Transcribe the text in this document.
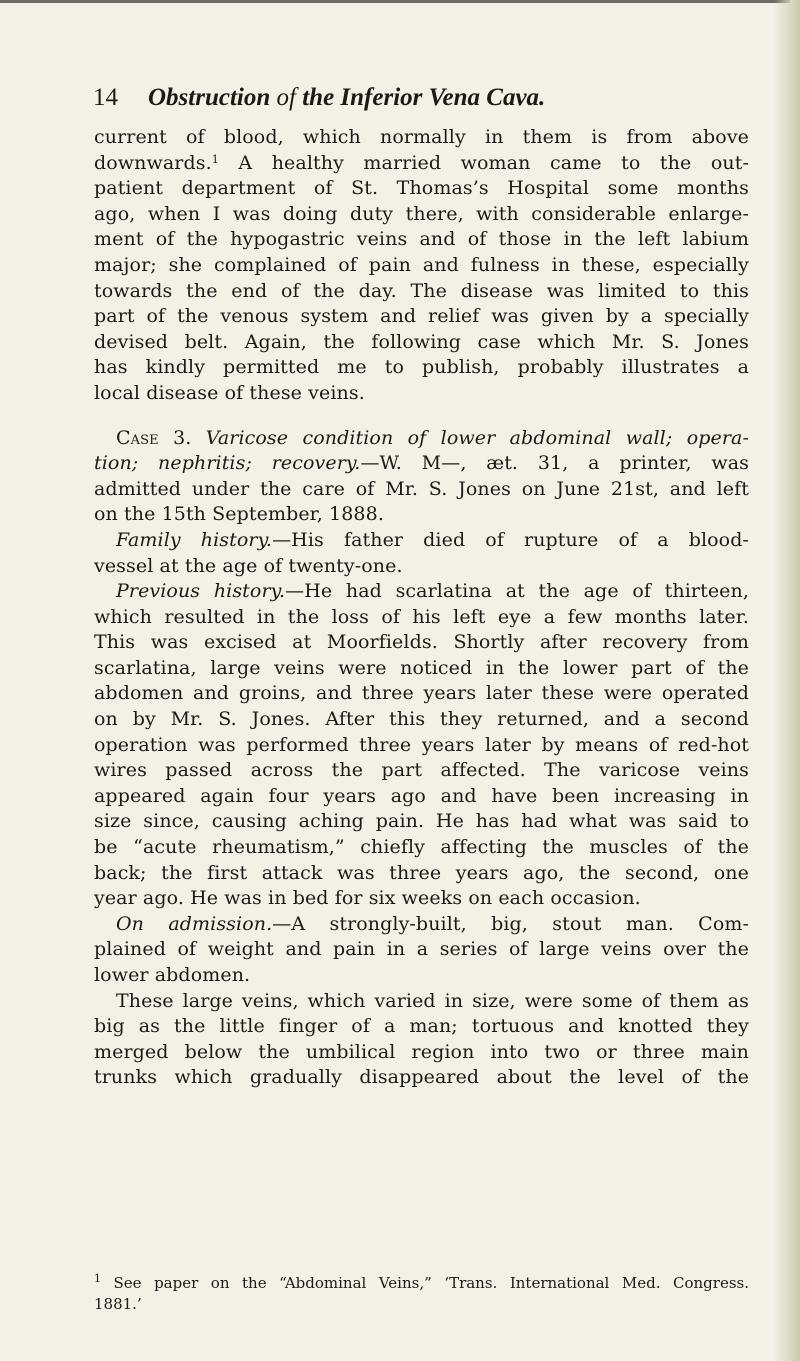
14 Obstruction of the Inferior Vena Cava.
current of blood, which normally in them is from above
downwards.$^1$ A healthy married woman came to the out-
patient department of St. Thomas’s Hospital some months
ago, when I was doing duty there, with considerable enlarge-
ment of the hypogastric veins and of those in the left labium
major; she complained of pain and fulness in these, especially
towards the end of the day. The disease was limited to this
part of the venous system and relief was given by a specially
devised belt. Again, the following case which Mr. S. Jones
has kindly permitted me to publish, probably illustrates a
local disease of these veins.
Case 3. Varicose condition of lower abdominal wall; opera-
tion; nephritis; recovery.—W. M—, æt. 31, a printer, was
admitted under the care of Mr. S. Jones on June 21st, and left
on the 15th September, 1888.
Family history.—His father died of rupture of a blood-
vessel at the age of twenty-one.
Previous history.—He had scarlatina at the age of thirteen,
which resulted in the loss of his left eye a few months later.
This was excised at Moorfields. Shortly after recovery from
scarlatina, large veins were noticed in the lower part of the
abdomen and groins, and three years later these were operated
on by Mr. S. Jones. After this they returned, and a second
operation was performed three years later by means of red-hot
wires passed across the part affected. The varicose veins
appeared again four years ago and have been increasing in
size since, causing aching pain. He has had what was said to
be “acute rheumatism,” chiefly affecting the muscles of the
back; the first attack was three years ago, the second, one
year ago. He was in bed for six weeks on each occasion.
On admission.—A strongly-built, big, stout man. Com-
plained of weight and pain in a series of large veins over the
lower abdomen.
These large veins, which varied in size, were some of them as
big as the little finger of a man; tortuous and knotted they
merged below the umbilical region into two or three main
trunks which gradually disappeared about the level of the
$^1$ See paper on the “Abdominal Veins,” ‘Trans. International Med. Congress.
1881.’
